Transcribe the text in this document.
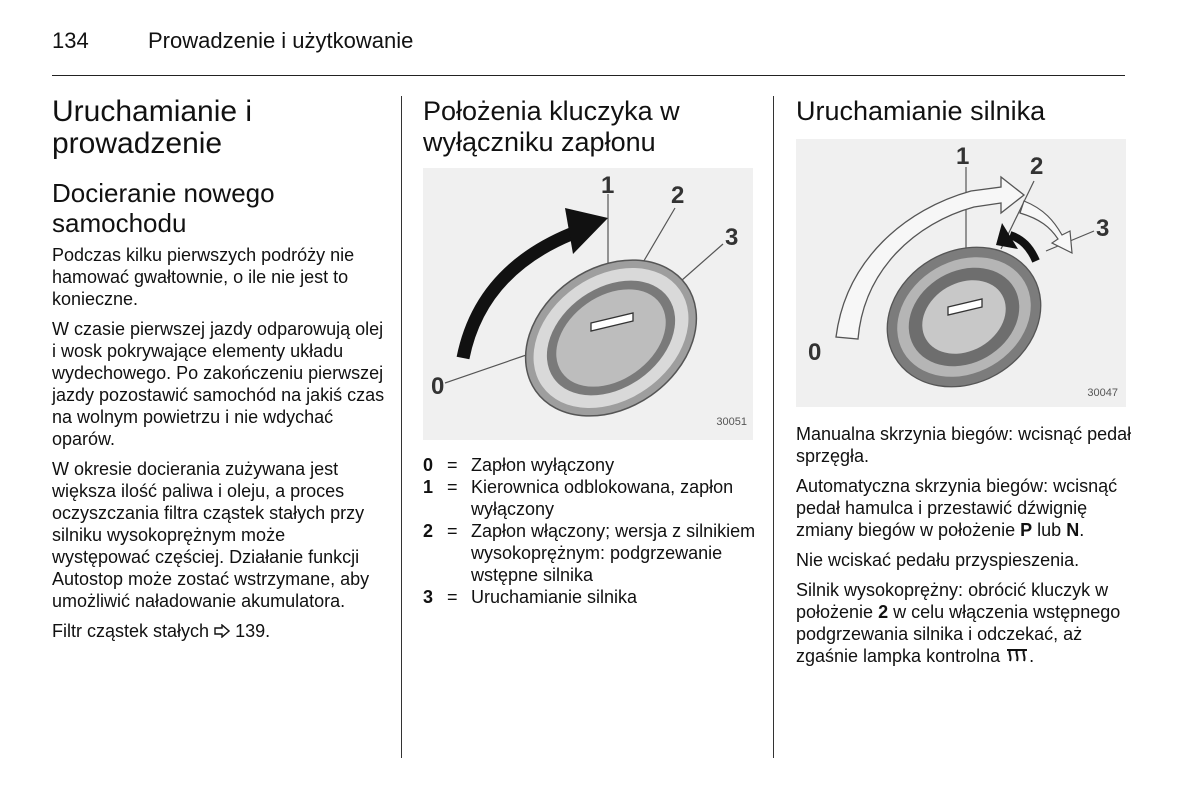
134	Prowadzenie i użytkowanie
Uruchamianie i prowadzenie
Docieranie nowego samochodu

Podczas kilku pierwszych podróży nie hamować gwałtownie, o ile nie jest to konieczne.

W czasie pierwszej jazdy odparowują olej i wosk pokrywające elementy układu wydechowego. Po zakończeniu pierwszej jazdy pozostawić samochód na jakiś czas na wolnym powietrzu i nie wdychać oparów.

W okresie docierania zużywana jest większa ilość paliwa i oleju, a proces oczyszczania filtra cząstek stałych przy silniku wysokoprężnym może występować częściej. Działanie funkcji Autostop może zostać wstrzymane, aby umożliwić naładowanie akumulatora.

Filtr cząstek stałych 139.

Położenia kluczyka w wyłączniku zapłonu
1 2
3
0
30051
0 = Zapłon wyłączony
1 = Kierownica odblokowana, zapłon wyłączony
2 = Zapłon włączony; wersja z silnikiem wysokoprężnym: podgrzewanie wstępne silnika
3 = Uruchamianie silnika
Uruchamianie silnika
1	2
3
0
30047

Manualna skrzynia biegów: wcisnąć pedał sprzęgła.

Automatyczna skrzynia biegów: wcisnąć pedał hamulca i przestawić dźwignię zmiany biegów w położenie P lub N.

Nie wciskać pedału przyspieszenia.

Silnik wysokoprężny: obrócić kluczyk w położenie 2 w celu włączenia wstępnego podgrzewania silnika i odczekać, aż zgaśnie lampka kontrolna .
